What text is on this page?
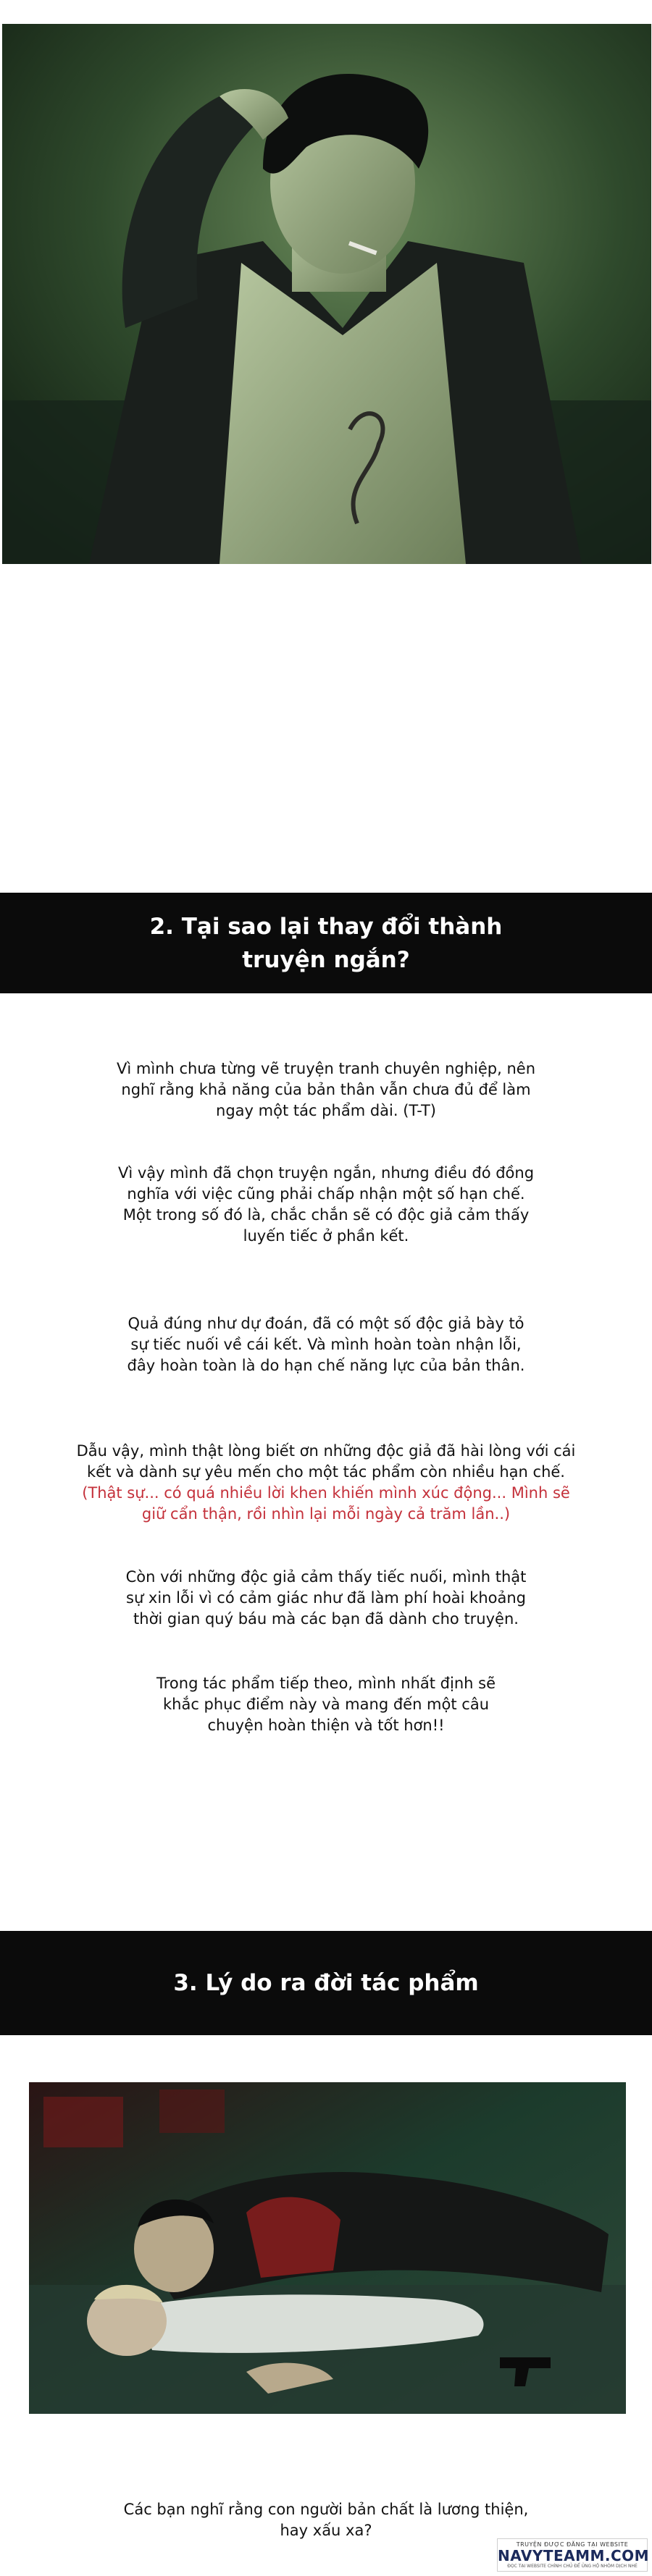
2. Tại sao lại thay đổi thành
truyện ngắn?
Vì mình chưa từng vẽ truyện tranh chuyên nghiệp, nên
nghĩ rằng khả năng của bản thân vẫn chưa đủ để làm
ngay một tác phẩm dài. (T-T)
Vì vậy mình đã chọn truyện ngắn, nhưng điều đó đồng
nghĩa với việc cũng phải chấp nhận một số hạn chế.
Một trong số đó là, chắc chắn sẽ có độc giả cảm thấy
luyến tiếc ở phần kết.
Quả đúng như dự đoán, đã có một số độc giả bày tỏ
sự tiếc nuối về cái kết. Và mình hoàn toàn nhận lỗi,
đây hoàn toàn là do hạn chế năng lực của bản thân.
Dẫu vậy, mình thật lòng biết ơn những độc giả đã hài lòng với cái
kết và dành sự yêu mến cho một tác phẩm còn nhiều hạn chế.
(Thật sự... có quá nhiều lời khen khiến mình xúc động... Mình sẽ
giữ cẩn thận, rồi nhìn lại mỗi ngày cả trăm lần..)
Còn với những độc giả cảm thấy tiếc nuối, mình thật
sự xin lỗi vì có cảm giác như đã làm phí hoài khoảng
thời gian quý báu mà các bạn đã dành cho truyện.
Trong tác phẩm tiếp theo, mình nhất định sẽ
khắc phục điểm này và mang đến một câu
chuyện hoàn thiện và tốt hơn!!
3. Lý do ra đời tác phẩm
Các bạn nghĩ rằng con người bản chất là lương thiện,
hay xấu xa?
TRUYỆN ĐƯỢC ĐĂNG TẠI WEBSITE
NAVYTEAMM.COM
ĐỌC TẠI WEBSITE CHÍNH CHỦ ĐỂ ỦNG HỘ NHÓM DỊCH NHÉ
